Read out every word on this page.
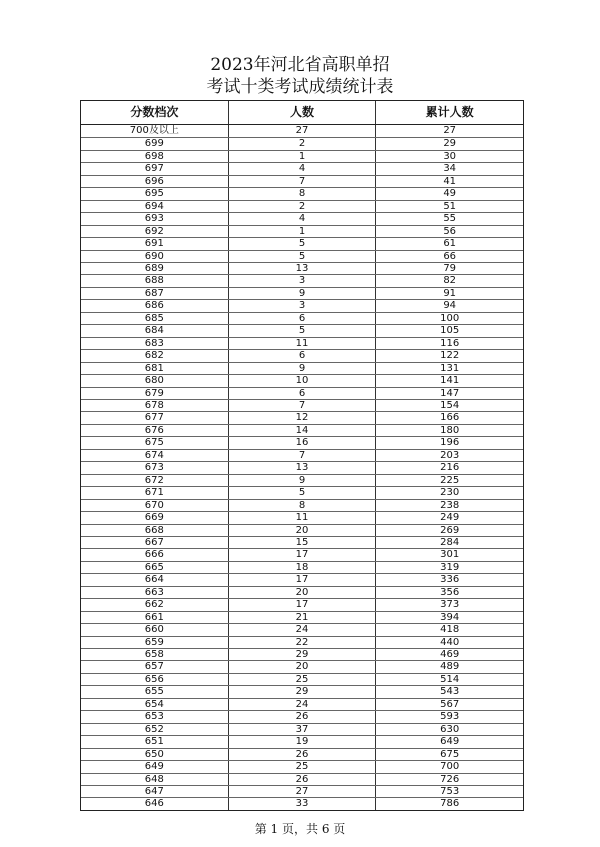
2023年河北省高职单招
考试十类考试成绩统计表
分数档次	人数	累计人数
700及以上	27	27
699	2	29
698	1	30
697	4	34
696	7	41
695	8	49
694	2	51
693	4	55
692	1	56
691	5	61
690	5	66
689	13	79
688	3	82
687	9	91
686	3	94
685	6	100
684	5	105
683	11	116
682	6	122
681	9	131
680	10	141
679	6	147
678	7	154
677	12	166
676	14	180
675	16	196
674	7	203
673	13	216
672	9	225
671	5	230
670	8	238
669	11	249
668	20	269
667	15	284
666	17	301
665	18	319
664	17	336
663	20	356
662	17	373
661	21	394
660	24	418
659	22	440
658	29	469
657	20	489
656	25	514
655	29	543
654	24	567
653	26	593
652	37	630
651	19	649
650	26	675
649	25	700
648	26	726
647	27	753
646	33	786
第 1 页，共 6 页
